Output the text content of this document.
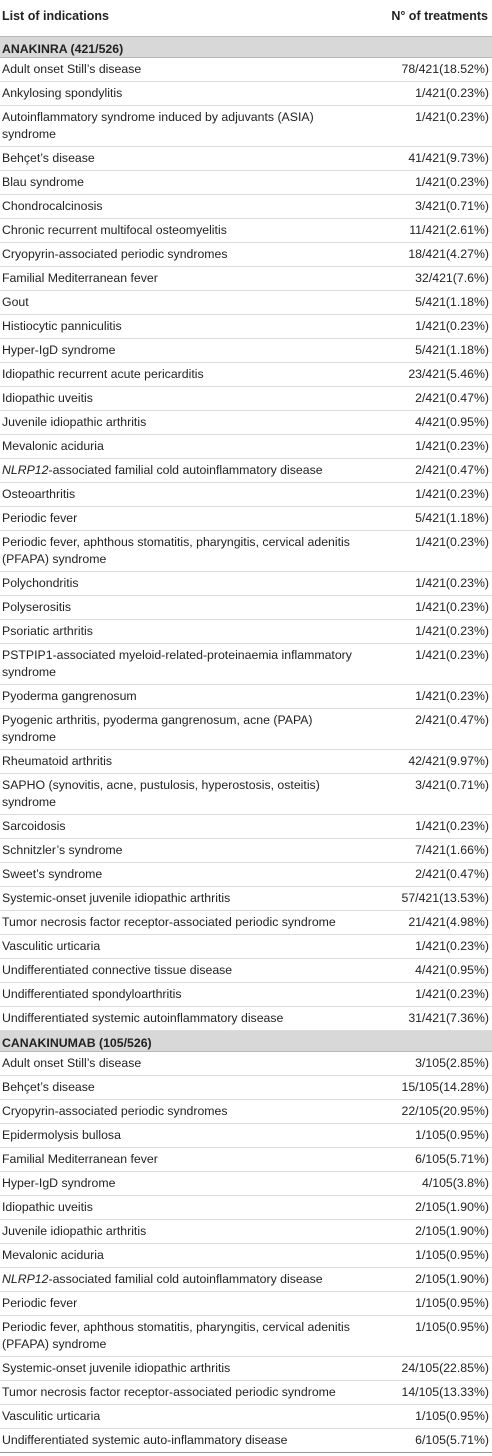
List of indications	N° of treatments
ANAKINRA (421/526)	
Adult onset Still’s disease	78/421(18.52%)
Ankylosing spondylitis	1/421(0.23%)
Autoinflammatory syndrome induced by adjuvants (ASIA) syndrome	1/421(0.23%)
Behçet’s disease	41/421(9.73%)
Blau syndrome	1/421(0.23%)
Chondrocalcinosis	3/421(0.71%)
Chronic recurrent multifocal osteomyelitis	11/421(2.61%)
Cryopyrin-associated periodic syndromes	18/421(4.27%)
Familial Mediterranean fever	32/421(7.6%)
Gout	5/421(1.18%)
Histiocytic panniculitis	1/421(0.23%)
Hyper-IgD syndrome	5/421(1.18%)
Idiopathic recurrent acute pericarditis	23/421(5.46%)
Idiopathic uveitis	2/421(0.47%)
Juvenile idiopathic arthritis	4/421(0.95%)
Mevalonic aciduria	1/421(0.23%)
NLRP12-associated familial cold autoinflammatory disease	2/421(0.47%)
Osteoarthritis	1/421(0.23%)
Periodic fever	5/421(1.18%)
Periodic fever, aphthous stomatitis, pharyngitis, cervical adenitis (PFAPA) syndrome	1/421(0.23%)
Polychondritis	1/421(0.23%)
Polyserositis	1/421(0.23%)
Psoriatic arthritis	1/421(0.23%)
PSTPIP1-associated myeloid-related-proteinaemia inflammatory syndrome	1/421(0.23%)
Pyoderma gangrenosum	1/421(0.23%)
Pyogenic arthritis, pyoderma gangrenosum, acne (PAPA) syndrome	2/421(0.47%)
Rheumatoid arthritis	42/421(9.97%)
SAPHO (synovitis, acne, pustulosis, hyperostosis, osteitis) syndrome	3/421(0.71%)
Sarcoidosis	1/421(0.23%)
Schnitzler’s syndrome	7/421(1.66%)
Sweet’s syndrome	2/421(0.47%)
Systemic-onset juvenile idiopathic arthritis	57/421(13.53%)
Tumor necrosis factor receptor-associated periodic syndrome	21/421(4.98%)
Vasculitic urticaria	1/421(0.23%)
Undifferentiated connective tissue disease	4/421(0.95%)
Undifferentiated spondyloarthritis	1/421(0.23%)
Undifferentiated systemic autoinflammatory disease	31/421(7.36%)
CANAKINUMAB (105/526)	
Adult onset Still’s disease	3/105(2.85%)
Behçet’s disease	15/105(14.28%)
Cryopyrin-associated periodic syndromes	22/105(20.95%)
Epidermolysis bullosa	1/105(0.95%)
Familial Mediterranean fever	6/105(5.71%)
Hyper-IgD syndrome	4/105(3.8%)
Idiopathic uveitis	2/105(1.90%)
Juvenile idiopathic arthritis	2/105(1.90%)
Mevalonic aciduria	1/105(0.95%)
NLRP12-associated familial cold autoinflammatory disease	2/105(1.90%)
Periodic fever	1/105(0.95%)
Periodic fever, aphthous stomatitis, pharyngitis, cervical adenitis (PFAPA) syndrome	1/105(0.95%)
Systemic-onset juvenile idiopathic arthritis	24/105(22.85%)
Tumor necrosis factor receptor-associated periodic syndrome	14/105(13.33%)
Vasculitic urticaria	1/105(0.95%)
Undifferentiated systemic auto-inflammatory disease	6/105(5.71%)
